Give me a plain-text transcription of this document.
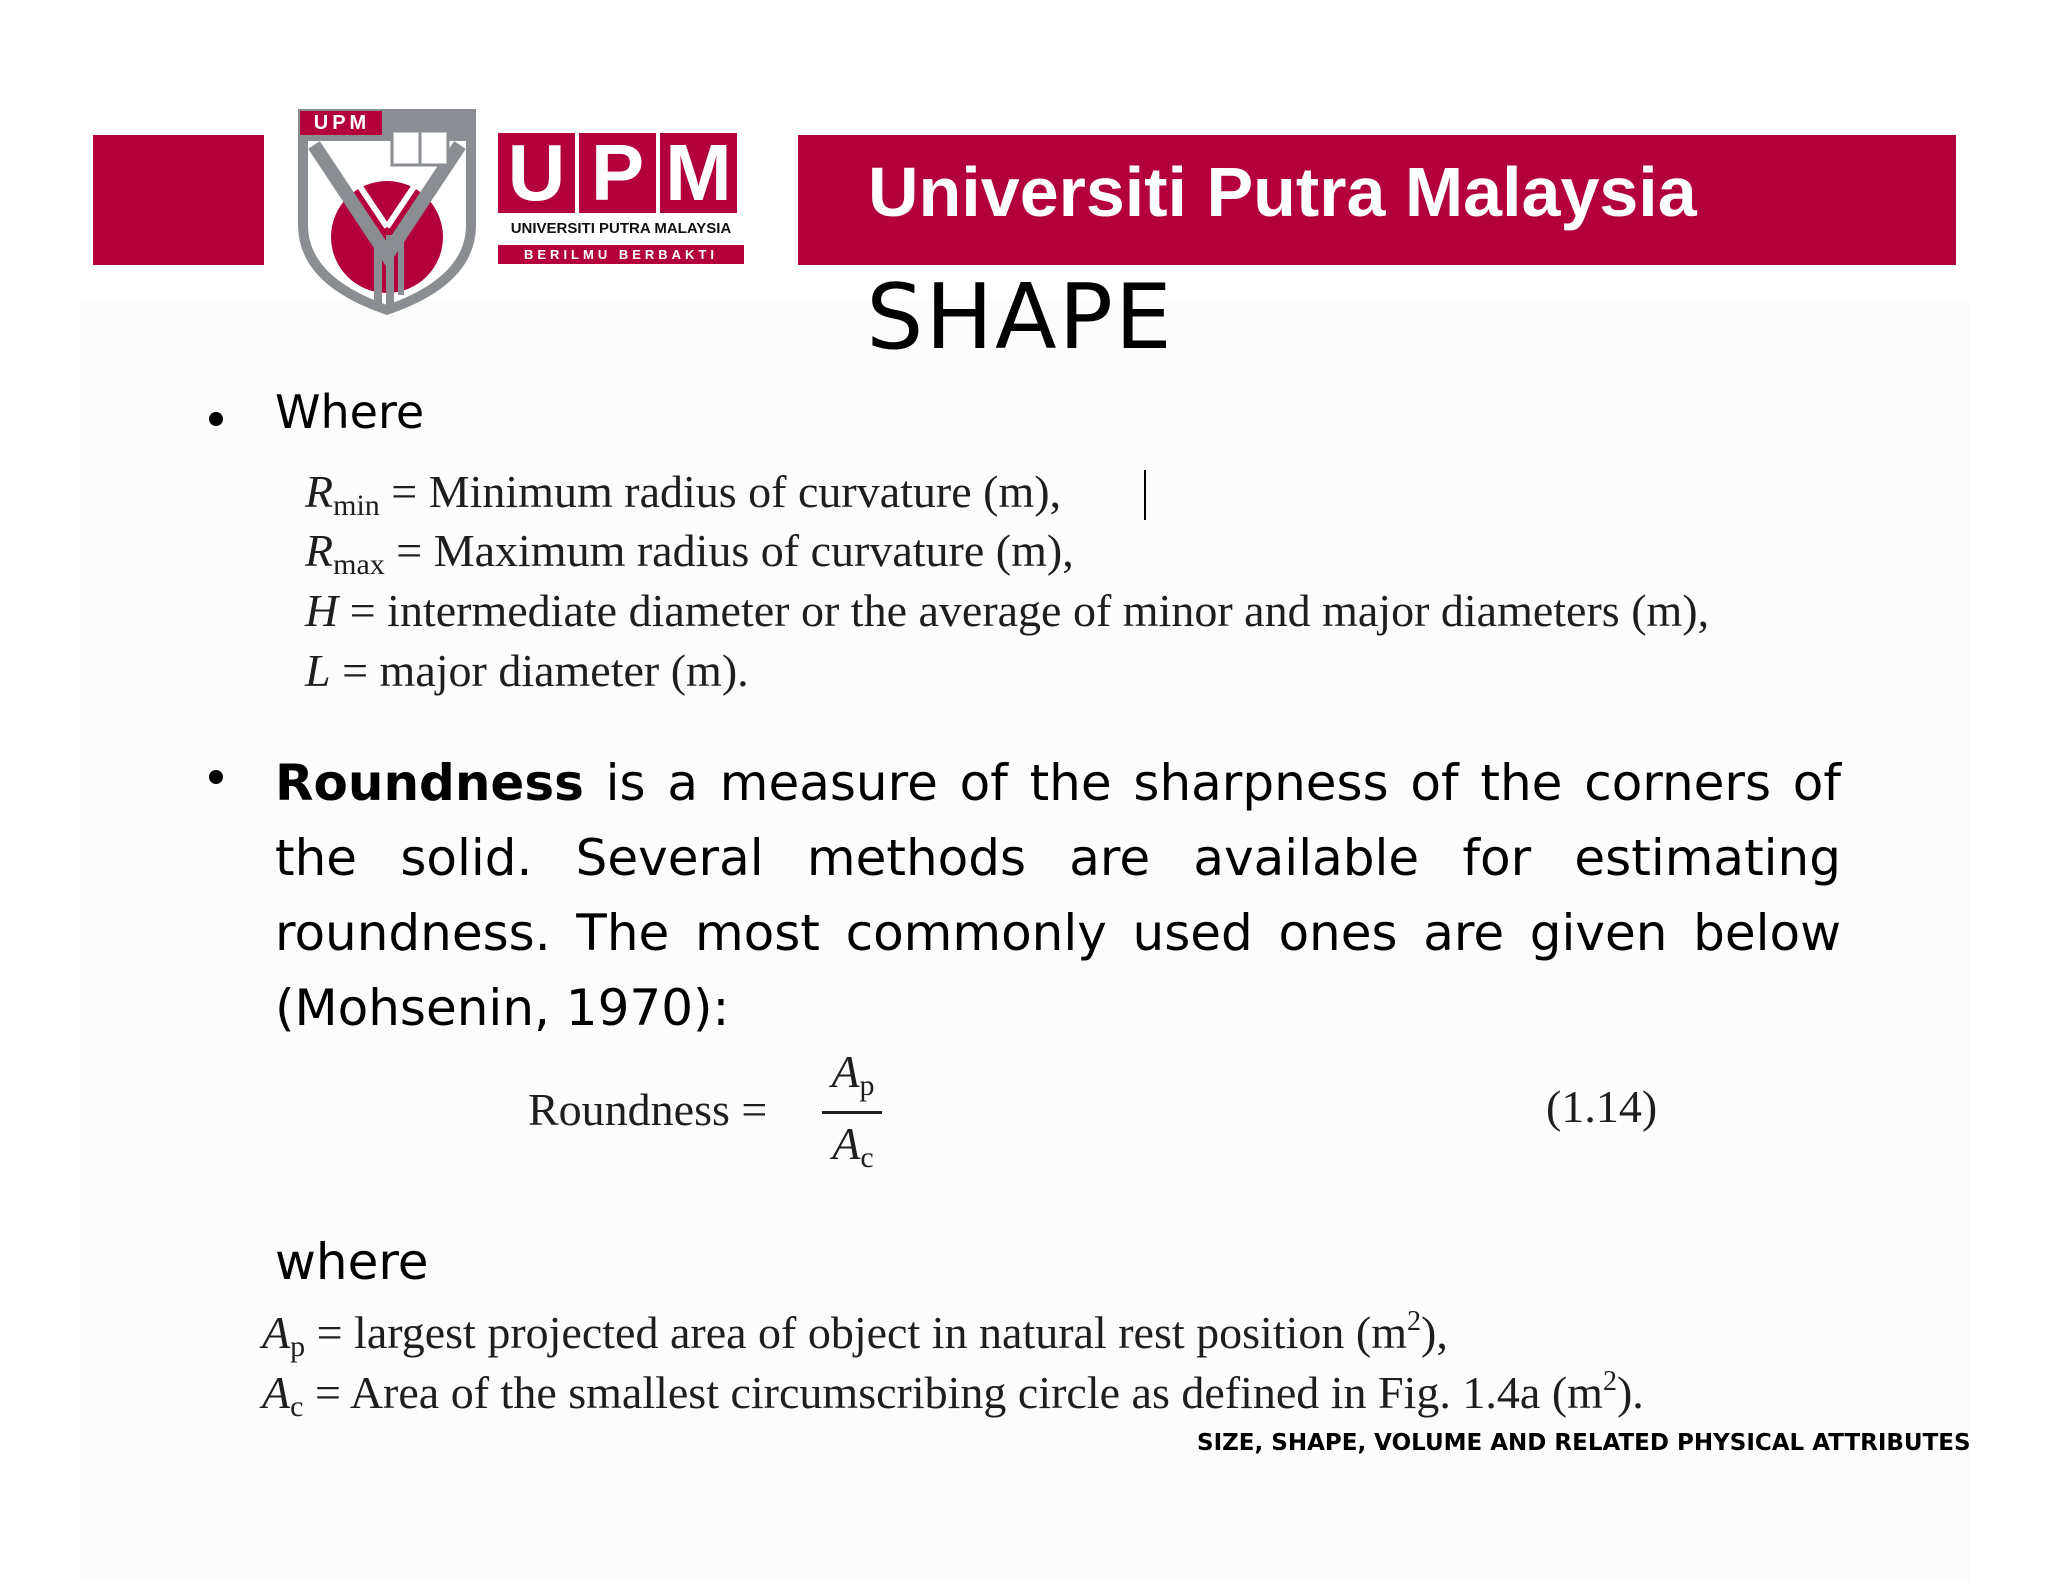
Universiti Putra Malaysia
UPM
U P M
UNIVERSITI PUTRA MALAYSIA
BERILMU BERBAKTI
SHAPE
Where
$R_{min}$ = Minimum radius of curvature (m),
$R_{max}$ = Maximum radius of curvature (m),
H = intermediate diameter or the average of minor and major diameters (m),
L = major diameter (m).
Roundness is a measure of the sharpness of the corners of the solid. Several methods are available for estimating roundness. The most commonly used ones are given below (Mohsenin, 1970):
Roundness =
$A_p$
$A_c$
(1.14)
where
$A_p$ = largest projected area of object in natural rest position $(m^2)$,
$A_c$ = Area of the smallest circumscribing circle as defined in Fig. 1.4a $(m^2)$.
SIZE, SHAPE, VOLUME AND RELATED PHYSICAL ATTRIBUTES
